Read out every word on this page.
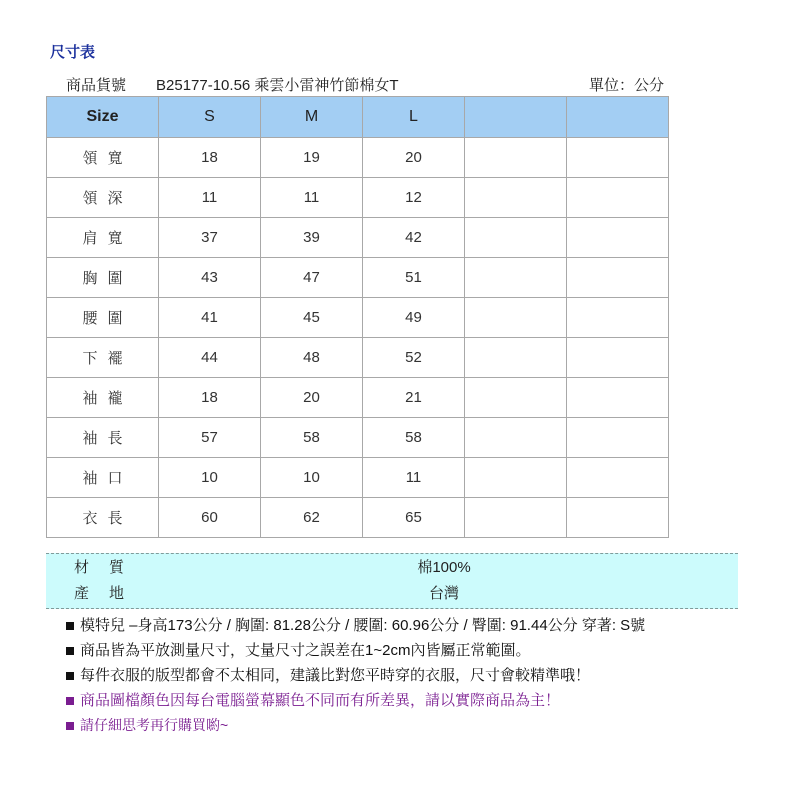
尺寸表
商品貨號 B25177-10.56 乘雲小雷神竹節棉女T	單位：公分
Size	S	M	L		
領寬	18	19	20		
領深	11	11	12		
肩寬	37	39	42		
胸圍	43	47	51		
腰圍	41	45	49		
下襬	44	48	52		
袖襱	18	20	21		
袖長	57	58	58		
袖口	10	10	11		
衣長	60	62	65		
材質	棉100%
產地	台灣
模特兒 –身高173公分 / 胸圍: 81.28公分 / 腰圍: 60.96公分 / 臀圍: 91.44公分 穿著: S號
商品皆為平放測量尺寸，丈量尺寸之誤差在1~2cm內皆屬正常範圍。
每件衣服的版型都會不太相同，建議比對您平時穿的衣服，尺寸會較精準哦！
商品圖檔顏色因每台電腦螢幕顯色不同而有所差異，請以實際商品為主！
請仔細思考再行購買喲~
